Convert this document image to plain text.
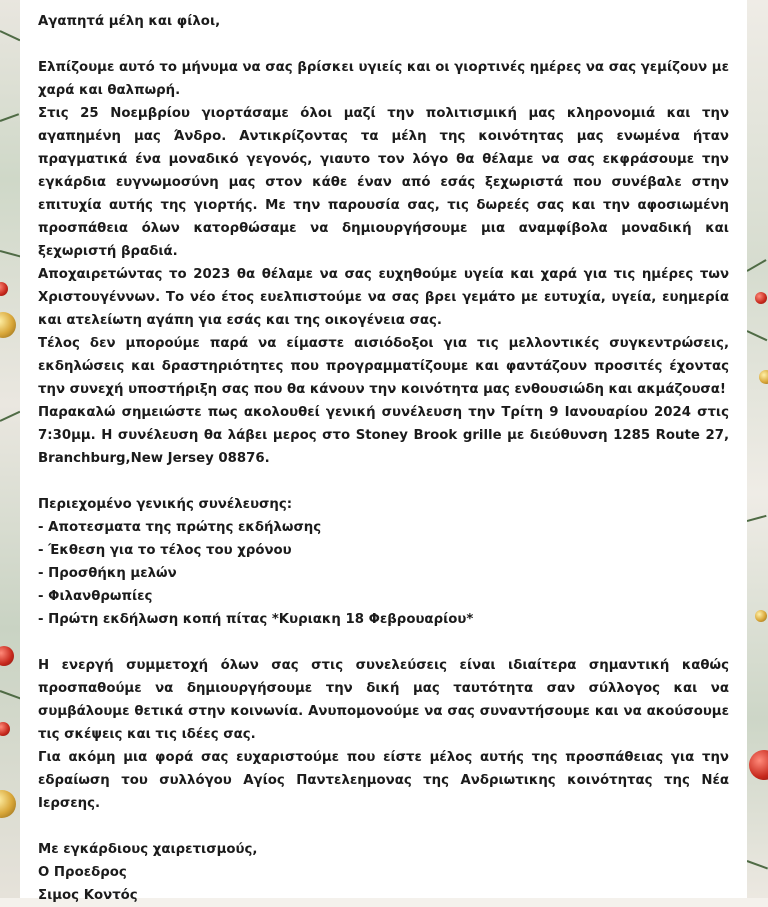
Αγαπητά μέλη και φίλοι,

Ελπίζουμε αυτό το μήνυμα να σας βρίσκει υγιείς και οι γιορτινές ημέρες να σας γεμίζουν με χαρά και θαλπωρή.

Στις 25 Νοεμβρίου γιορτάσαμε όλοι μαζί την πολιτισμική μας κληρονομιά και την αγαπημένη μας Άνδρο. Αντικρίζοντας τα μέλη της κοινότητας μας ενωμένα ήταν πραγματικά ένα μοναδικό γεγονός, γιαυτο τον λόγο θα θέλαμε να σας εκφράσουμε την εγκάρδια ευγνωμοσύνη μας στον κάθε έναν από εσάς ξεχωριστά που συνέβαλε στην επιτυχία αυτής της γιορτής. Με την παρουσία σας, τις δωρεές σας και την αφοσιωμένη προσπάθεια όλων κατορθώσαμε να δημιουργήσουμε μια αναμφίβολα μοναδική και ξεχωριστή βραδιά.

Αποχαιρετώντας το 2023 θα θέλαμε να σας ευχηθούμε υγεία και χαρά για τις ημέρες των Χριστουγέννων. Το νέο έτος ευελπιστούμε να σας βρει γεμάτο με ευτυχία, υγεία, ευημερία και ατελείωτη αγάπη για εσάς και της οικογένεια σας.

Τέλος δεν μπορούμε παρά να είμαστε αισιόδοξοι για τις μελλοντικές συγκεντρώσεις, εκδηλώσεις και δραστηριότητες που προγραμματίζουμε και φαντάζουν προσιτές έχοντας την συνεχή υποστήριξη σας που θα κάνουν την κοινότητα μας ενθουσιώδη και ακμάζουσα!

Παρακαλώ σημειώστε πως ακολουθεί γενική συνέλευση την Τρίτη 9 Ιανουαρίου 2024 στις 7:30μμ. Η συνέλευση θα λάβει μερος στο Stoney Brook grille με διεύθυνση 1285 Route 27, Branchburg,New Jersey 08876.

Περιεχομένο γενικής συνέλευσης:

- Αποτεσματα της πρώτης εκδήλωσης

- Έκθεση για το τέλος του χρόνου

- Προσθήκη μελών

- Φιλανθρωπίες

- Πρώτη εκδήλωση κοπή πίτας *Κυριακη 18 Φεβρουαρίου*

Η ενεργή συμμετοχή όλων σας στις συνελεύσεις είναι ιδιαίτερα σημαντική καθώς προσπαθούμε να δημιουργήσουμε την δική μας ταυτότητα σαν σύλλογος και να συμβάλουμε θετικά στην κοινωνία. Ανυπομονούμε να σας συναντήσουμε και να ακούσουμε τις σκέψεις και τις ιδέες σας.

Για ακόμη μια φορά σας ευχαριστούμε που είστε μέλος αυτής της προσπάθειας για την εδραίωση του συλλόγου Αγίος Παντελεημονας της Ανδριωτικης κοινότητας της Νέα Ιερσεης.

Με εγκάρδιους χαιρετισμούς,

Ο Προεδρος

Σιμος Κοντός
